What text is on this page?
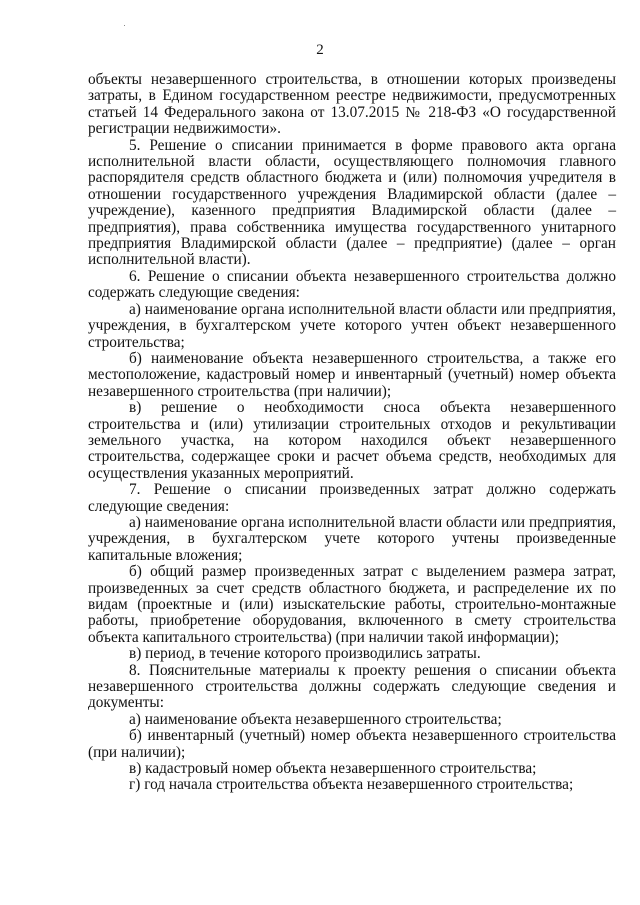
2

объекты незавершенного строительства, в отношении которых произведены затраты, в Едином государственном реестре недвижимости, предусмотренных статьей 14 Федерального закона от 13.07.2015 № 218-ФЗ «О государственной регистрации недвижимости».

5. Решение о списании принимается в форме правового акта органа исполнительной власти области, осуществляющего полномочия главного распорядителя средств областного бюджета и (или) полномочия учредителя в отношении государственного учреждения Владимирской области (далее – учреждение), казенного предприятия Владимирской области (далее – предприятия), права собственника имущества государственного унитарного предприятия Владимирской области (далее – предприятие) (далее – орган исполнительной власти).

6. Решение о списании объекта незавершенного строительства должно содержать следующие сведения:

а) наименование органа исполнительной власти области или предприятия, учреждения, в бухгалтерском учете которого учтен объект незавершенного строительства;

б) наименование объекта незавершенного строительства, а также его местоположение, кадастровый номер и инвентарный (учетный) номер объекта незавершенного строительства (при наличии);

в) решение о необходимости сноса объекта незавершенного строительства и (или) утилизации строительных отходов и рекультивации земельного участка, на котором находился объект незавершенного строительства, содержащее сроки и расчет объема средств, необходимых для осуществления указанных мероприятий.

7. Решение о списании произведенных затрат должно содержать следующие сведения:

а) наименование органа исполнительной власти области или предприятия, учреждения, в бухгалтерском учете которого учтены произведенные капитальные вложения;

б) общий размер произведенных затрат с выделением размера затрат, произведенных за счет средств областного бюджета, и распределение их по видам (проектные и (или) изыскательские работы, строительно-монтажные работы, приобретение оборудования, включенного в смету строительства объекта капитального строительства) (при наличии такой информации);

в) период, в течение которого производились затраты.

8. Пояснительные материалы к проекту решения о списании объекта незавершенного строительства должны содержать следующие сведения и документы:

а) наименование объекта незавершенного строительства;

б) инвентарный (учетный) номер объекта незавершенного строительства (при наличии);

в) кадастровый номер объекта незавершенного строительства;

г) год начала строительства объекта незавершенного строительства;
